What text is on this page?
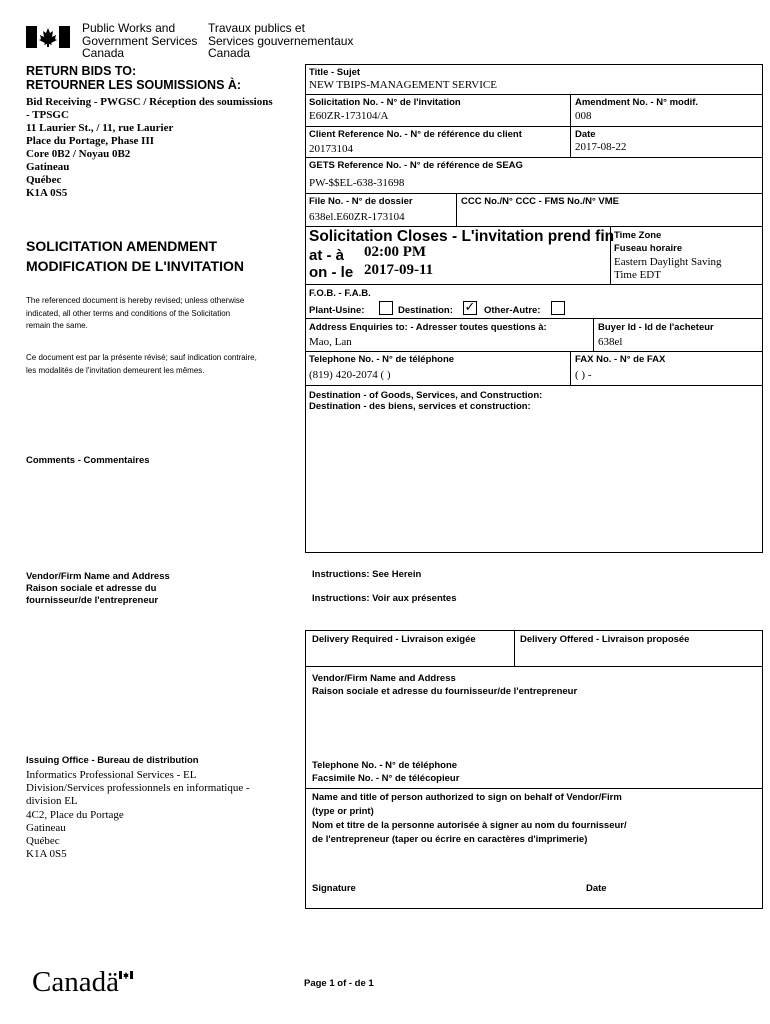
Public Works and
Government Services
Canada
Travaux publics et
Services gouvernementaux
Canada
RETURN BIDS TO:
RETOURNER LES SOUMISSIONS À:
Bid Receiving - PWGSC / Réception des soumissions
- TPSGC
11 Laurier St., / 11, rue Laurier
Place du Portage, Phase III
Core 0B2 / Noyau 0B2
Gatineau
Québec
K1A 0S5
SOLICITATION AMENDMENT
MODIFICATION DE L'INVITATION
The referenced document is hereby revised; unless otherwise
indicated, all other terms and conditions of the Solicitation
remain the same.
Ce document est par la présente révisé; sauf indication contraire,
les modalités de l'invitation demeurent les mêmes.
Comments - Commentaires
Vendor/Firm Name and Address
Raison sociale et adresse du
fournisseur/de l'entrepreneur
Issuing Office - Bureau de distribution
Informatics Professional Services - EL
Division/Services professionnels en informatique -
division EL
4C2, Place du Portage
Gatineau
Québec
K1A 0S5
Title - Sujet
NEW TBIPS-MANAGEMENT SERVICE
Solicitation No. - N° de l'invitation
E60ZR-173104/A
Amendment No. - N° modif.
008
Client Reference No. - N° de référence du client
20173104
Date
2017-08-22
GETS Reference No. - N° de référence de SEAG
PW-$$EL-638-31698
File No. - N° de dossier
638el.E60ZR-173104
CCC No./N° CCC - FMS No./N° VME
Solicitation Closes - L'invitation prend fin
at - à 02:00 PM
on - le 2017-09-11
Time Zone
Fuseau horaire
Eastern Daylight Saving
Time EDT
F.O.B. - F.A.B.
Plant-Usine:	Destination: ✓ Other-Autre:
Address Enquiries to: - Adresser toutes questions à:
Mao, Lan
Buyer Id - Id de l'acheteur
638el
Telephone No. - N° de téléphone
(819) 420-2074 ( )
FAX No. - N° de FAX
( ) -
Destination - of Goods, Services, and Construction:
Destination - des biens, services et construction:
Instructions: See Herein
Instructions: Voir aux présentes
Delivery Required - Livraison exigée	Delivery Offered - Livraison proposée
Vendor/Firm Name and Address
Raison sociale et adresse du fournisseur/de l'entrepreneur
Telephone No. - N° de téléphone
Facsimile No. - N° de télécopieur
Name and title of person authorized to sign on behalf of Vendor/Firm
(type or print)
Nom et titre de la personne autorisée à signer au nom du fournisseur/
de l'entrepreneur (taper ou écrire en caractères d'imprimerie)
Signature	Date
Canadä	Page 1 of - de 1
